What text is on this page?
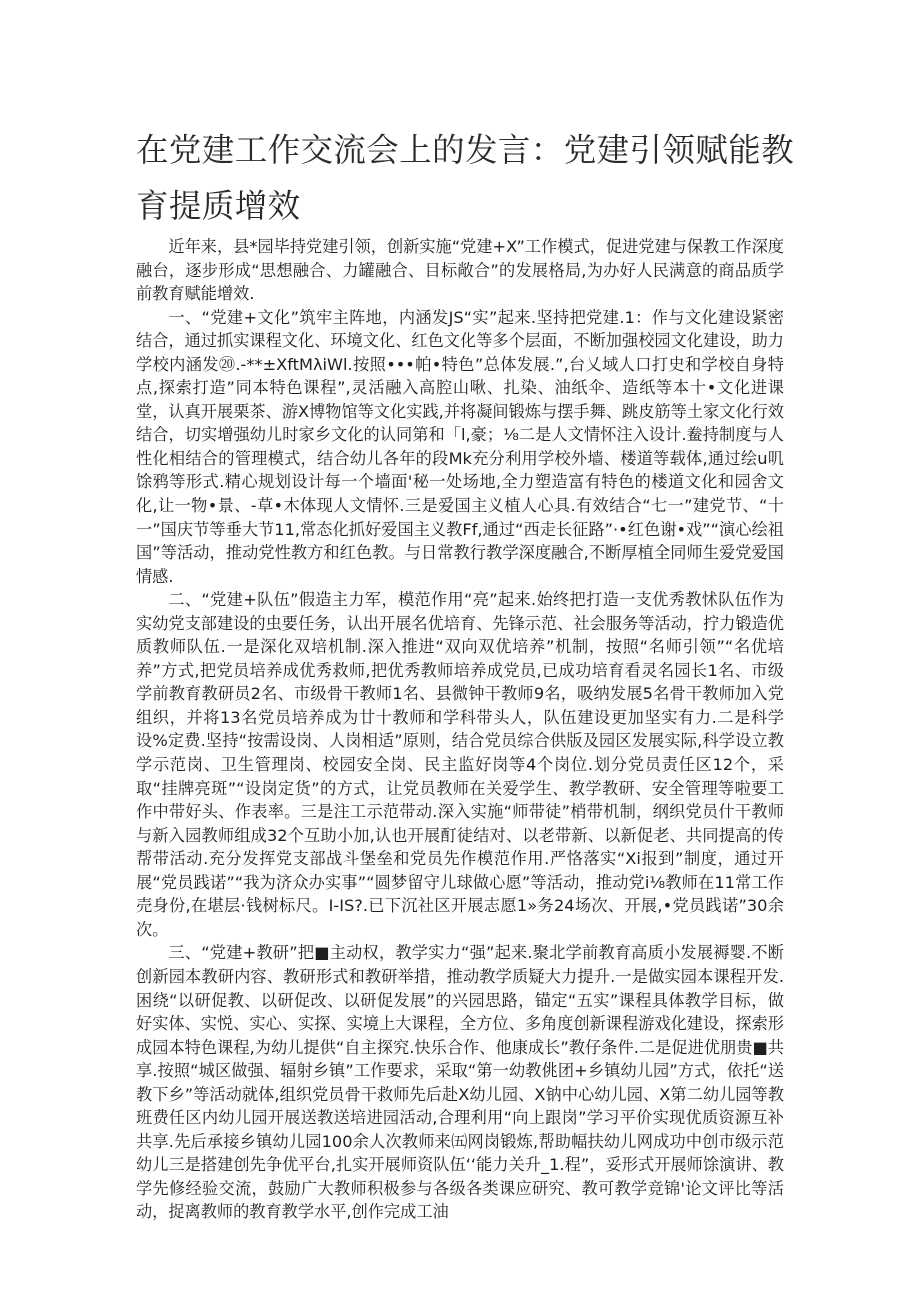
在党建工作交流会上的发言：党建引领赋能教育提质增效

近年来，县*园毕持党建引领，创新实施“党建+X”工作模式，促进党建与保教工作深度融台，逐步形成“思想融合、力罐融合、目标敞合”的发展格局,为办好人民满意的商品质学前教育赋能增效.

一、“党建+文化”筑牢主阵地，内涵发JS“实”起来.坚持把党建.1：作与文化建设紧密结合，通过抓实课程文化、环境文化、红色文化等多个层面，不断加强校园文化建设，助力学校内涵发⑳.-**±XftMλiWl.按照•••帕•特色”总体发展.”,台乂域人口打史和学校自身特点,探索打造”同本特色课程”,灵活融入高腔山啾、扎染、油纸伞、造纸等本十•文化进课堂，认真开展栗茶、游X博物馆等文化实践,并将凝间锻炼与摆手舞、跳皮筋等土家文化行效结合，切实增强幼儿时家乡文化的认同第和「l,豪；⅛二是人文情怀注入设计.鲞持制度与人性化相结合的管理模式，结合幼儿各年的段Mk充分利用学校外墙、楼道等载体,通过绘u叽馀鸦等形式.精心规划设计每一个墙面'秘一处场地,全力塑造富有特色的楼道文化和园舍文化,让一物•景、-草•木体现人文情怀.三是爱国主义植人心具.有效结合“七一”建党节、“十一”国庆节等垂大节11,常态化抓好爱国主义教Ff,通过“西走长征路”·•红色谢•戏”“演心绘祖国”等活动，推动党性教方和红色教。与日常教行教学深度融合,不断厚植全同师生爱党爱国情感.

二、“党建+队伍”假造主力军，模范作用“亮”起来.始终把打造一支优秀教怵队伍作为实幼党支部建设的虫要任务，认出开展名优培育、先锋示范、社会服务等活动，拧力锻造优质教师队伍.一是深化双培机制.深入推进“双向双优培养”机制，按照“名师引领”“名优培养”方式,把党员培养成优秀救师,把优秀教师培养成党员,已成功培育看灵名园长1名、市级学前教育教研员2名、市级骨干教师1名、县微钟干教师9名，吸纳发展5名骨干教师加入党组织，并将13名党员培养成为廿十教师和学科带头人，队伍建设更加坚实有力.二是科学设%定费.坚持“按需设岗、人岗相适”原则，结合党员综合供版及园区发展实际,科学设立教学示范岗、卫生管理岗、校园安全岗、民主监好岗等4个岗位.划分党员责任区12个，采取“挂牌亮斑”“设岗定货”的方式，让党员教师在关爱学生、教学教研、安全管理等啦要工作中带好头、作表率。三是注工示范带动.深入实施“师带徒”梢带机制，纲织党员什干教师与新入园教师组成32个互助小加,认也开展酊徒结对、以老带新、以新促老、共同提高的传帮带活动.充分发挥党支部战斗堡垒和党员先作模范作用.严恪落实“Xi报到”制度，通过开展“党员践诺”“我为济众办实事”“圆梦留守儿球做心愿”等活动，推动党i⅛教师在11常工作売身份,在堪层·钱树标尺。I-IS?.已下沉社区开展志愿1»务24场次、开展,•党员践诺”30余次。

三、“党建+教研”把■主动权，教学实力“强”起来.聚北学前教育高质小发展褥婴.不断创新园本教研内容、教研形式和教研举措，推动教学质疑大力提升.一是做实园本课程开发.困绕“以研促教、以研促改、以研促发展”的兴园思路，锚定“五实”课程具体教学目标，做好实体、实悦、实心、实探、实境上大课程，全方位、多角度创新课程游戏化建设，探索形成园本特色课程,为幼儿提供“自主探究.快乐合作、他康成长”教仔条件.二是促进优朋贵■共享.按照“城区做强、辐射乡镇”工作要求，采取“第一幼教佻团+乡镇幼儿园”方式，依托“送教下乡”等活动就体,组织党员骨干救师先后赴X幼儿园、X钠中心幼儿园、X第二幼儿园等教班费任区内幼儿园开展送教送培进园活动,合理利用“向上跟岗”学习平价实现优质资源互补共享.先后承接乡镇幼儿园100余人次教师来㈤网岗锻炼,帮助幅扶幼儿网成功中创市级示范幼儿三是搭建创先争优平台,扎实开展师资队伍‘‘能力关升_1.程”，妥形式开展师馀演讲、教学先修经验交流，鼓励广大教师积极参与各级各类课应研究、教可教学竞锦'论文评比等活动，捉离教师的教育教学水平,创作完成工油
